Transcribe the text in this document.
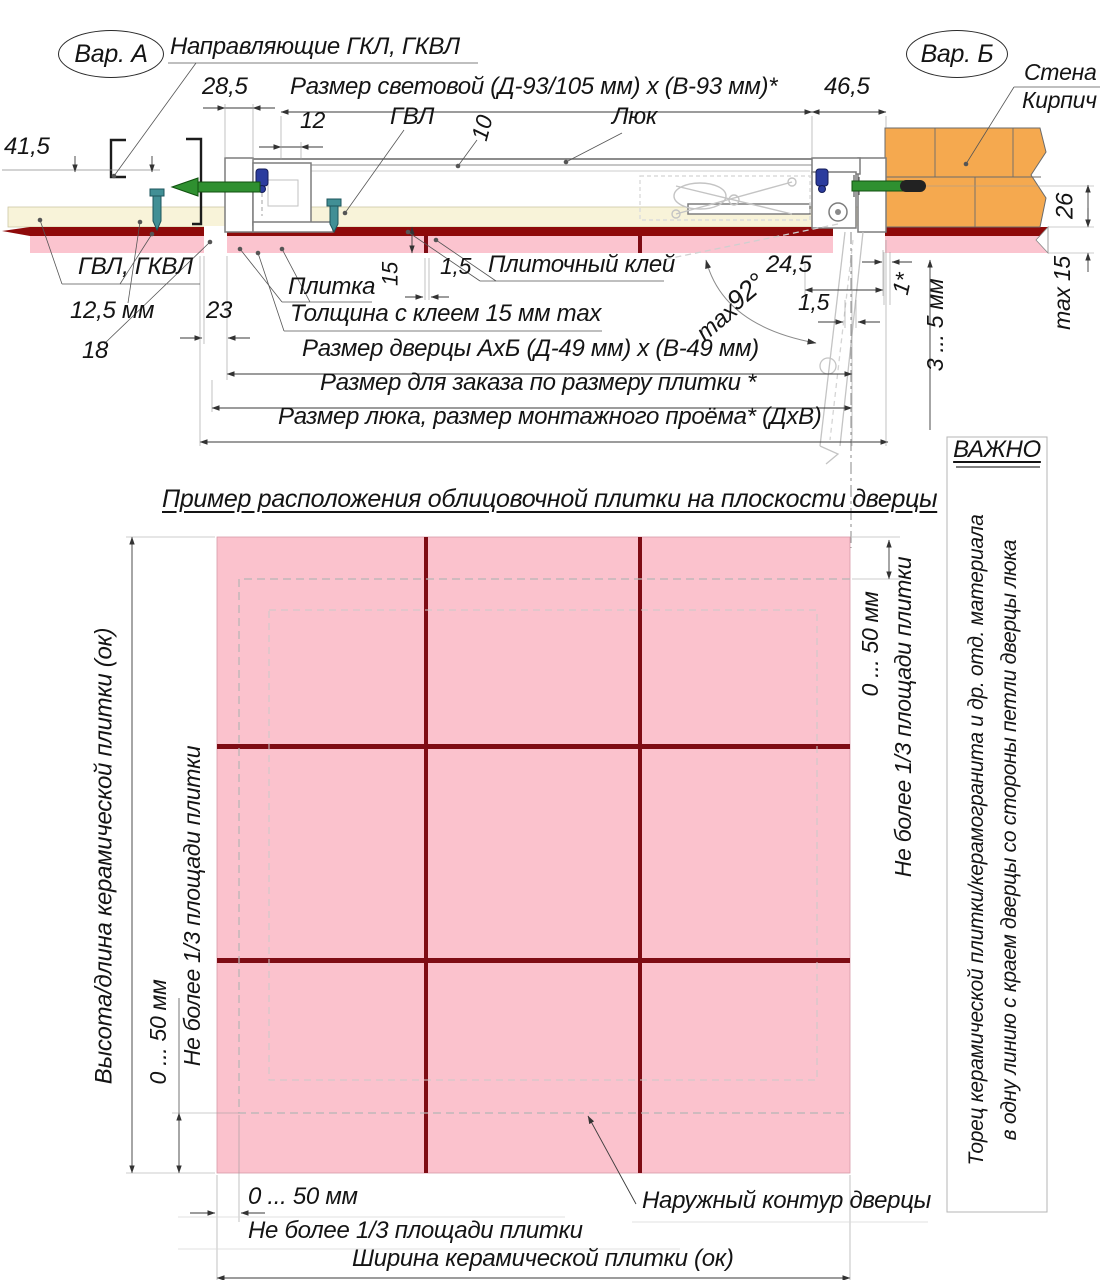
Вар. А	Вар. Б
Направляющие ГКЛ, ГКВЛ
28,5 Размер световой (Д-93/105 мм) х (В-93 мм)* 46,5
Стена
Кирпич
12	ГВЛ 10	Люк
41,5
ГВЛ, ГКВЛ
12,5 мм
18
Плитка 15 1,5 Плиточный клей
23 Толщина с клеем 15 мм max
24,5
92°
max 1,5
1* 3 ... 5 мм
26
max 15
Размер дверцы АхБ (Д-49 мм) х (В-49 мм)
Размер для заказа по размеру плитки *
Размер люка, размер монтажного проёма* (ДхВ)
ВАЖНО
Пример расположения облицовочной плитки на плоскости дверцы
Высота/длина керамической плитки (ок) 0 ... 50 мм Не более 1/3 площади плитки
0 ... 50 мм Не более 1/3 площади плитки Торец керамической плитки/керамогранита и др. отд. материала в одну линию с краем дверцы со стороны петли дверцы люка
0 ... 50 мм
Не более 1/3 площади плитки
Ширина керамической плитки (ок)
Наружный контур дверцы
